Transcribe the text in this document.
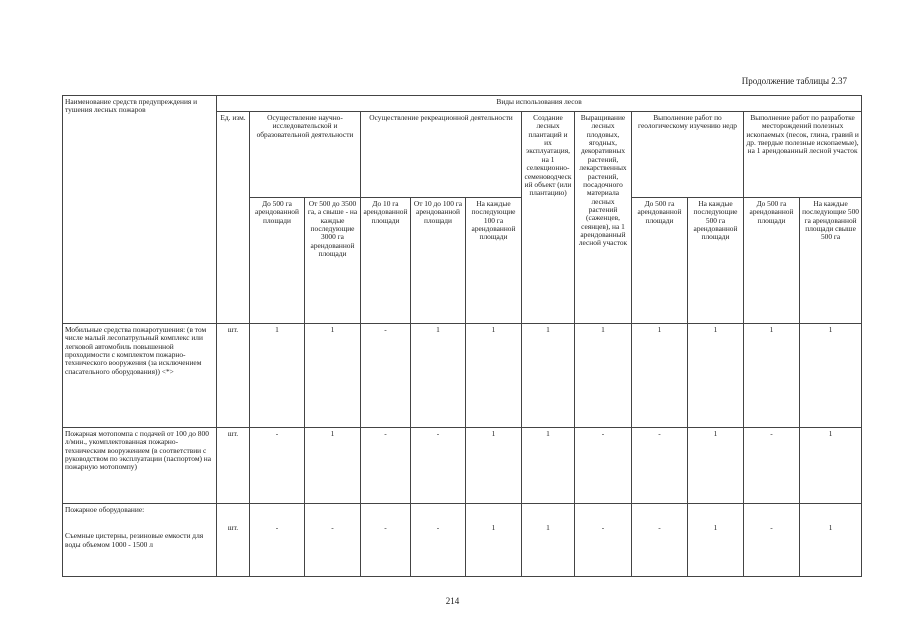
Продолжение таблицы 2.37
Наименование средств предупреждения и тушения лесных пожаров	Виды использования лесов											
	Ед. изм.	Осуществление научно-исследовательской и образовательной деятельности		Осуществление рекреационной деятельности			Создание лесных плантаций и их эксплуатация, на 1 селекционно-семеноводческий объект (или плантацию)	Выращивание лесных плодовых, ягодных, декоративных растений, лекарственных растений, посадочного материала лесных растений (саженцев, сеянцев), на 1 арендованный лесной участок	Выполнение работ по геологическому изучению недр		Выполнение работ по разработке месторождений полезных ископаемых (песок, глина, гравий и др. твердые полезные ископаемые), на 1 арендованный лесной участок	
		До 500 га арендованной площади	От 500 до 3500 га, а свыше - на каждые последующие 3000 га арендованной площади	До 10 га арендованной площади	От 10 до 100 га арендованной площади	На каждые последующие 100 га арендованной площади			До 500 га арендованной площади	На каждые последующие 500 га арендованной площади	До 500 га арендованной площади	На каждые последующие 500 га арендованной площади свыше 500 га
Мобильные средства пожаротушения: (в том числе малый лесопатрульный комплекс или легковой автомобиль повышенной проходимости с комплектом пожарно-технического вооружения (за исключением спасательного оборудования)) <*>	шт.	1	1	-	1	1	1	1	1	1	1	1
Пожарная мотопомпа с подачей от 100 до 800 л/мин., укомплектованная пожарно-техническим вооружением (в соответствии с руководством по эксплуатации (паспортом) на пожарную мотопомпу)	шт.	-	1	-	-	1	1	-	-	1	-	1
Пожарное оборудование:
Съемные цистерны, резиновые емкости для воды объемом 1000 - 1500 л	шт.	-	-	-	-	1	1	-	-	1	-	1
214
